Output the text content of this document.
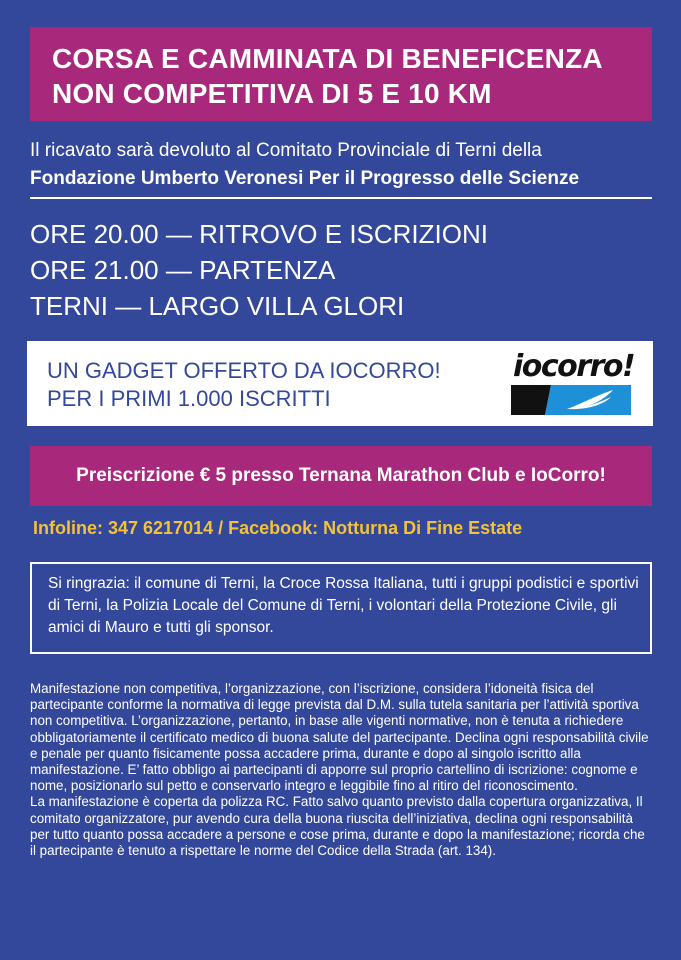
CORSA E CAMMINATA DI BENEFICENZA
NON COMPETITIVA DI 5 E 10 KM
Il ricavato sarà devoluto al Comitato Provinciale di Terni della
Fondazione Umberto Veronesi Per il Progresso delle Scienze
ORE 20.00 — RITROVO E ISCRIZIONI
ORE 21.00 — PARTENZA
TERNI — LARGO VILLA GLORI
UN GADGET OFFERTO DA IOCORRO!
PER I PRIMI 1.000 ISCRITTI
iocorro!
just run
Preiscrizione € 5 presso Ternana Marathon Club e IoCorro!
Infoline: 347 6217014 / Facebook: Notturna Di Fine Estate
Si ringrazia: il comune di Terni, la Croce Rossa Italiana, tutti i gruppi podistici e sportivi di Terni, la Polizia Locale del Comune di Terni, i volontari della Protezione Civile, gli amici di Mauro e tutti gli sponsor.

Manifestazione non competitiva, l’organizzazione, con l’iscrizione, considera l’idoneità fisica del partecipante conforme la normativa di legge prevista dal D.M. sulla tutela sanitaria per l’attività sportiva non competitiva. L’organizzazione, pertanto, in base alle vigenti normative, non è tenuta a richiedere obbligatoriamente il certificato medico di buona salute del partecipante. Declina ogni responsabilità civile e penale per quanto fisicamente possa accadere prima, durante e dopo al singolo iscritto alla manifestazione. E’ fatto obbligo ai partecipanti di apporre sul proprio cartellino di iscrizione: cognome e nome, posizionarlo sul petto e conservarlo integro e leggibile fino al ritiro del riconoscimento.

La manifestazione è coperta da polizza RC. Fatto salvo quanto previsto dalla copertura organizzativa, Il comitato organizzatore, pur avendo cura della buona riuscita dell’iniziativa, declina ogni responsabilità per tutto quanto possa accadere a persone e cose prima, durante e dopo la manifestazione; ricorda che il partecipante è tenuto a rispettare le norme del Codice della Strada (art. 134).
